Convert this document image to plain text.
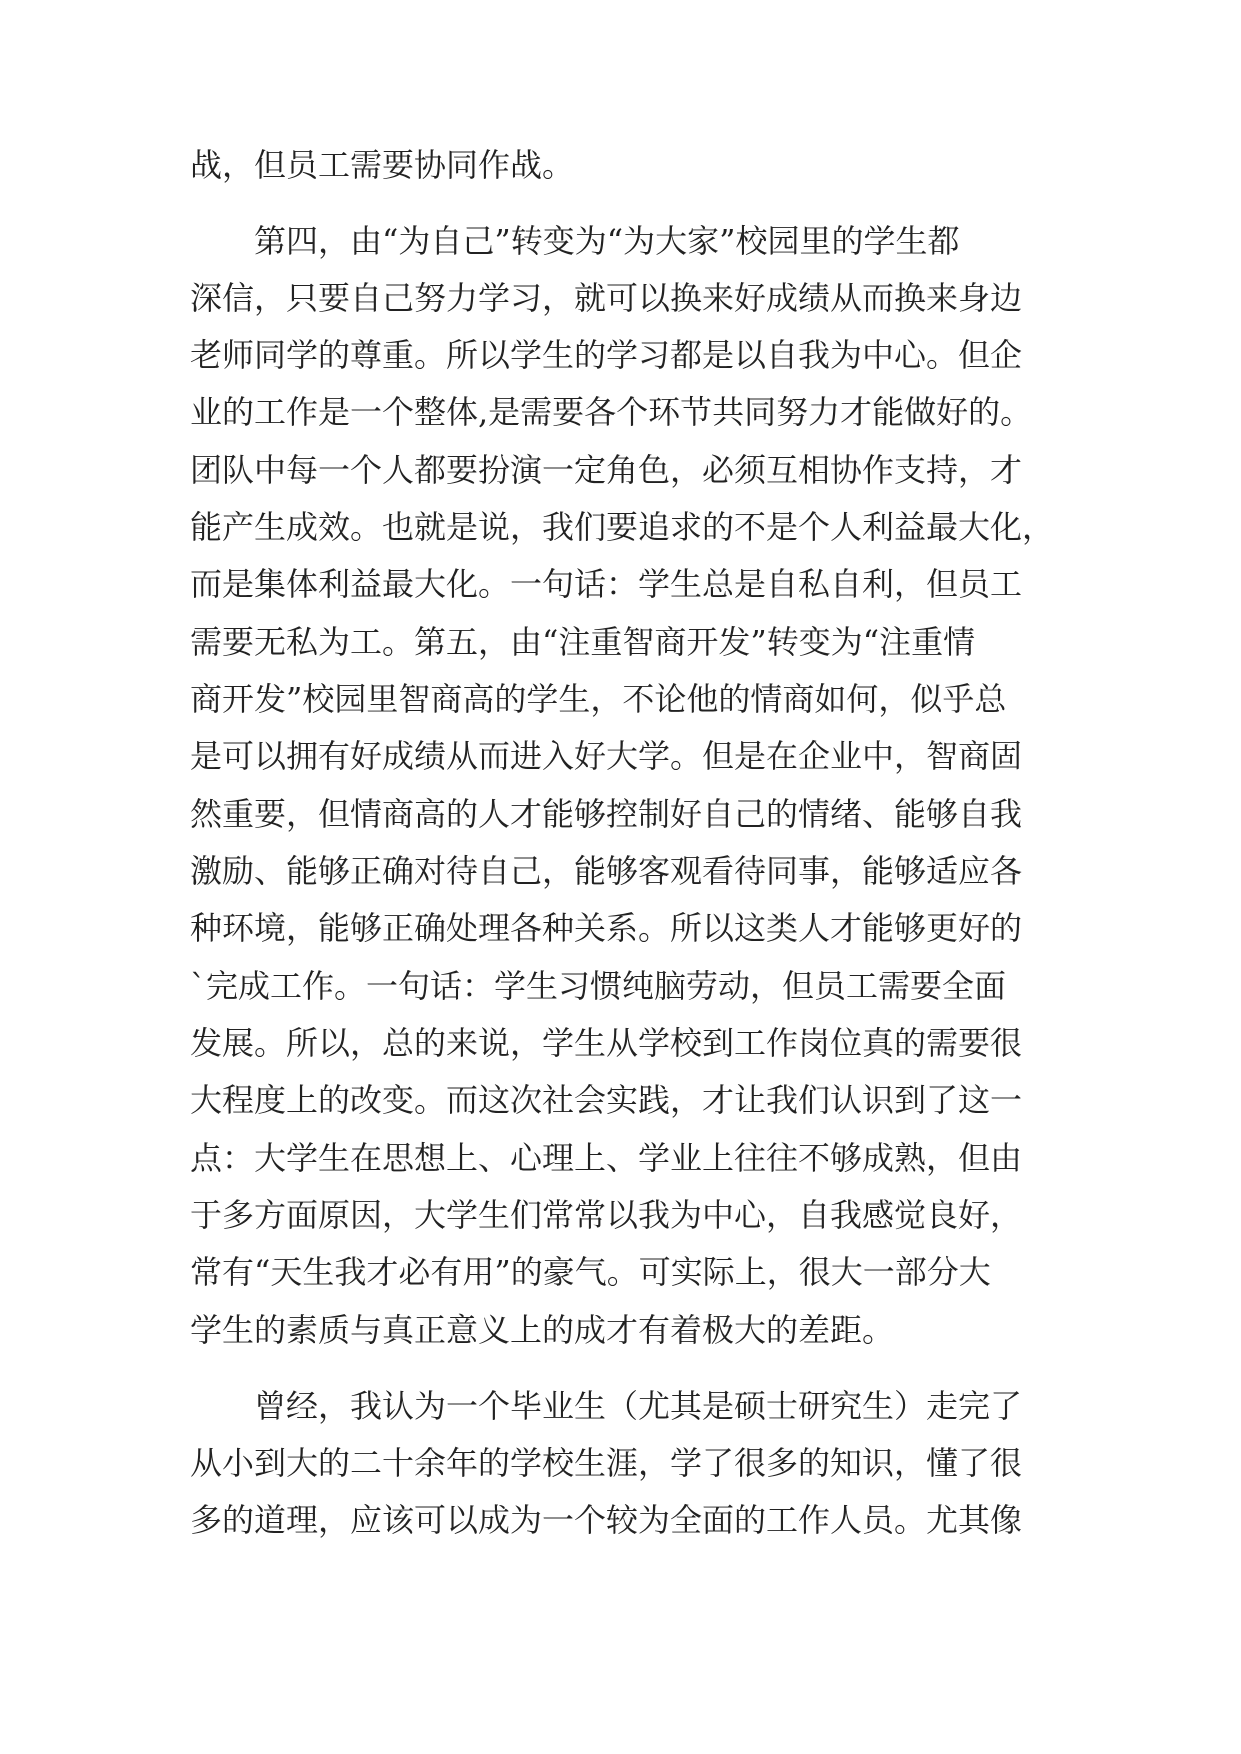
战，但员工需要协同作战。
第四，由“为自己”转变为“为大家”校园里的学生都
深信，只要自己努力学习，就可以换来好成绩从而换来身边
老师同学的尊重。所以学生的学习都是以自我为中心。但企
业的工作是一个整体,是需要各个环节共同努力才能做好的。
团队中每一个人都要扮演一定角色，必须互相协作支持，才
能产生成效。也就是说，我们要追求的不是个人利益最大化，
而是集体利益最大化。一句话：学生总是自私自利，但员工
需要无私为工。第五，由“注重智商开发”转变为“注重情
商开发”校园里智商高的学生，不论他的情商如何，似乎总
是可以拥有好成绩从而进入好大学。但是在企业中，智商固
然重要，但情商高的人才能够控制好自己的情绪、能够自我
激励、能够正确对待自己，能够客观看待同事，能够适应各
种环境，能够正确处理各种关系。所以这类人才能够更好的
`完成工作。一句话：学生习惯纯脑劳动，但员工需要全面
发展。所以，总的来说，学生从学校到工作岗位真的需要很
大程度上的改变。而这次社会实践，才让我们认识到了这一
点：大学生在思想上、心理上、学业上往往不够成熟，但由
于多方面原因，大学生们常常以我为中心，自我感觉良好，
常有“天生我才必有用”的豪气。可实际上，很大一部分大
学生的素质与真正意义上的成才有着极大的差距。
曾经，我认为一个毕业生（尤其是硕士研究生）走完了
从小到大的二十余年的学校生涯，学了很多的知识，懂了很
多的道理，应该可以成为一个较为全面的工作人员。尤其像
